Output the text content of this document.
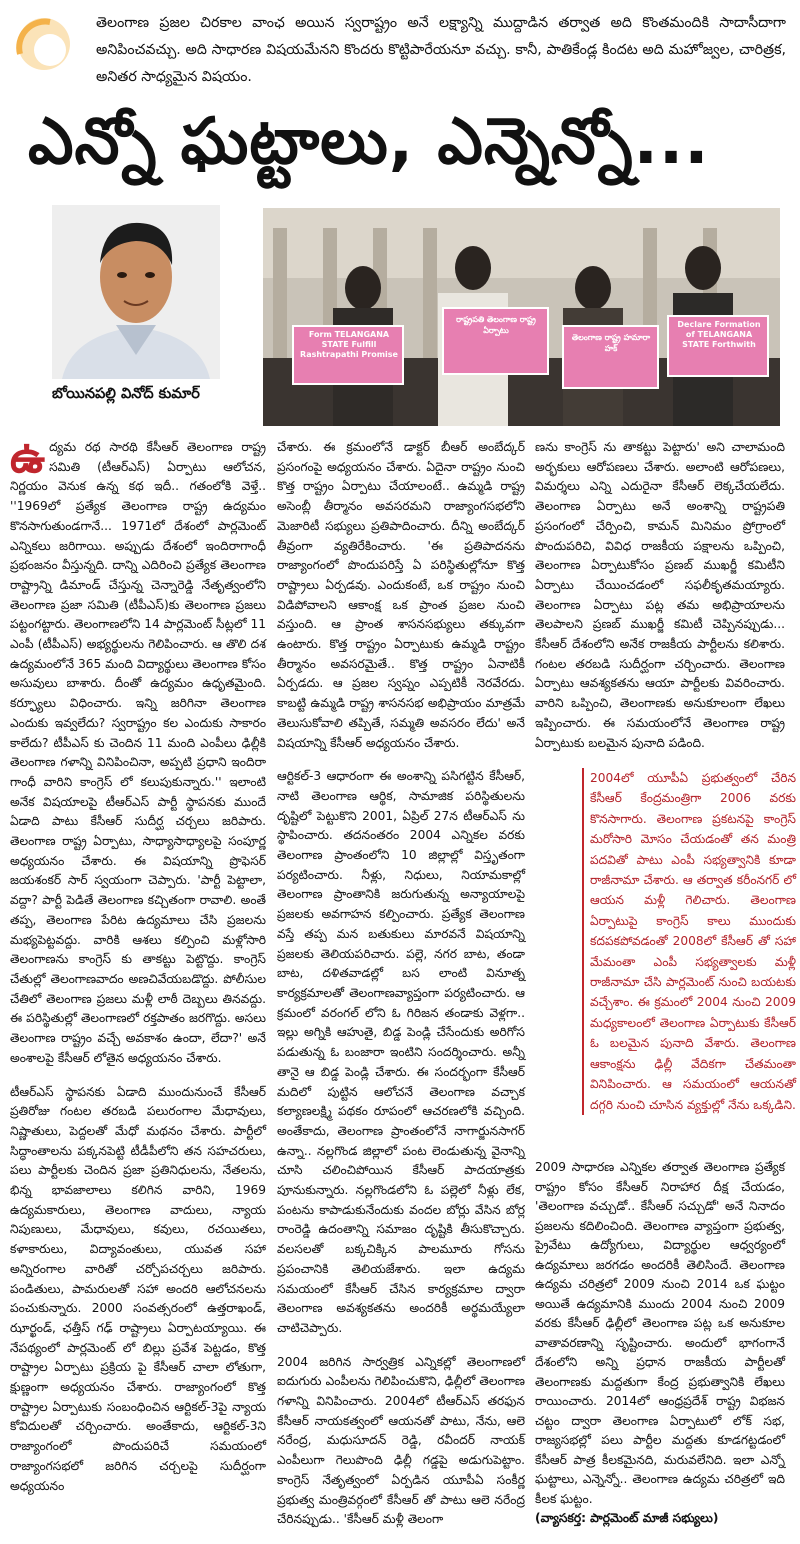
తెలంగాణ ప్రజల చిరకాల వాంఛ అయిన స్వరాష్ట్రం అనే లక్ష్యాన్ని ముద్దాడిన తర్వాత అది కొంతమందికి సాదాసీదాగా అనిపించవచ్చు. అది సాధారణ విషయమేనని కొందరు కొట్టిపారేయనూ వచ్చు. కానీ, పాతికేండ్ల కిందట అది మహోజ్వల, చారిత్రక, అనితర సాధ్యమైన విషయం.

ఎన్నో ఘట్టాలు, ఎన్నెన్నో...
బోయినపల్లి వినోద్ కుమార్
Form TELANGANA STATE Fulfill Rashtrapathi Promise
రాష్ట్రపతి తెలంగాణ రాష్ట్ర ఏర్పాటు
తెలంగాణ రాష్ట్ర హమారా హక్
Declare Formation of TELANGANA STATE Forthwith

ఉద్యమ రథ సారథి కేసీఆర్ తెలంగాణ రాష్ట్ర సమితి (టీఆర్ఎస్) ఏర్పాటు ఆలోచన, నిర్ణయం వెనుక ఉన్న కథ ఇదీ.. గతంలోకి వెళ్తే.. ''1969లో ప్రత్యేక తెలంగాణ రాష్ట్ర ఉద్యమం కొనసాగుతుండగానే... 1971లో దేశంలో పార్లమెంట్ ఎన్నికలు జరిగాయి. అప్పుడు దేశంలో ఇందిరాగాంధీ ప్రభంజనం వీస్తున్నది. దాన్ని ఎదిరించి ప్రత్యేక తెలంగాణ రాష్ట్రాన్ని డిమాండ్ చేస్తున్న చెన్నారెడ్డి నేతృత్వంలోని తెలంగాణ ప్రజా సమితి (టీపీఎస్)కు తెలంగాణ ప్రజలు పట్టంగట్టారు. తెలంగాణలోని 14 పార్లమెంట్ సీట్లలో 11 ఎంపీ (టీపీఎస్) అభ్యర్థులను గెలిపించారు. ఆ తొలి దశ ఉద్యమంలోనే 365 మంది విద్యార్థులు తెలంగాణ కోసం అసువులు బాశారు. దీంతో ఉద్యమం ఉధృతమైంది. కర్ఫ్యూలు విధించారు. ఇన్ని జరిగినా తెలంగాణ ఎందుకు ఇవ్వలేదు? స్వరాష్ట్రం కల ఎందుకు సాకారం కాలేదు? టీపీఎస్ కు చెందిన 11 మంది ఎంపీలు ఢిల్లీకి తెలంగాణ గళాన్ని వినిపించినా, అప్పటి ప్రధాని ఇందిరా గాంధీ వారిని కాంగ్రెస్ లో కలుపుకున్నారు.'' ఇలాంటి అనేక విషయాలపై టీఆర్ఎస్ పార్టీ స్థాపనకు ముందే ఏడాది పాటు కేసీఆర్ సుదీర్ఘ చర్చలు జరిపారు. తెలంగాణ రాష్ట్ర ఏర్పాటు, సాధ్యాసాధ్యాలపై సంపూర్ణ అధ్యయనం చేశారు. ఈ విషయాన్ని ప్రొఫెసర్ జయశంకర్ సార్ స్వయంగా చెప్పారు. 'పార్టీ పెట్టాలా, వద్దా? పార్టీ పెడితే తెలంగాణ కచ్చితంగా రావాలి. అంతే తప్ప, తెలంగాణ పేరిట ఉద్యమాలు చేసి ప్రజలను మభ్యపెట్టవద్దు. వారికి ఆశలు కల్పించి మళ్లోసారి తెలంగాణను కాంగ్రెస్ కు తాకట్టు పెట్టొద్దు. కాంగ్రెస్ చేతుల్లో తెలంగాణవాదం అణచివేయబడొద్దు. పోలీసుల చేతిలో తెలంగాణ ప్రజలు మళ్లీ లాఠీ దెబ్బలు తినవద్దు. ఈ పరిస్థితుల్లో తెలంగాణలో రక్తపాతం జరగొద్దు. అసలు తెలంగాణ రాష్ట్రం వచ్చే అవకాశం ఉందా, లేదా?' అనే అంశాలపై కేసీఆర్ లోతైన అధ్యయనం చేశారు.

టీఆర్ఎస్ స్థాపనకు ఏడాది ముందునుంచే కేసీఆర్ ప్రతిరోజు గంటల తరబడి పలురంగాల మేధావులు, నిష్ణాతులు, పెద్దలతో మేధో మథనం చేశారు. పార్టీలో సిద్ధాంతాలను పక్కనపెట్టి టీడీపీలోని తన సహచరులు, పలు పార్టీలకు చెందిన ప్రజా ప్రతినిధులను, నేతలను, భిన్న భావజాలాలు కలిగిన వారిని, 1969 ఉద్యమకారులు, తెలంగాణ వాదులు, న్యాయ నిపుణులు, మేధావులు, కవులు, రచయితలు, కళాకారులు, విద్యావంతులు, యువత సహా అన్నిరంగాల వారితో చర్చోపచర్చలు జరిపారు. పండితులు, పామరులతో సహా అందరి ఆలోచనలను పంచుకున్నారు. 2000 సంవత్సరంలో ఉత్తరాఖండ్, ఝార్ఖండ్, ఛత్తీస్ గఢ్ రాష్ట్రాలు ఏర్పాటయ్యాయి. ఈ నేపథ్యంలో పార్లమెంట్ లో బిల్లు ప్రవేశ పెట్టడం, కొత్త రాష్ట్రాల ఏర్పాటు ప్రక్రియ పై కేసీఆర్ చాలా లోతుగా, క్షుణ్ణంగా అధ్యయనం చేశారు. రాజ్యాంగంలో కొత్త రాష్ట్రాల ఏర్పాటుకు సంబంధించిన ఆర్టికల్-3పై న్యాయ కోవిదులతో చర్చించారు. అంతేకాదు, ఆర్టికల్-3ని రాజ్యాంగంలో పొందుపరిచే సమయంలో రాజ్యాంగసభలో జరిగిన చర్చలపై సుదీర్ఘంగా అధ్యయనం

చేశారు. ఈ క్రమంలోనే డాక్టర్ బీఆర్ అంబేద్కర్ ప్రసంగంపై అధ్యయనం చేశారు. ఏదైనా రాష్ట్రం నుంచి కొత్త రాష్ట్రం ఏర్పాటు చేయాలంటే.. ఉమ్మడి రాష్ట్ర అసెంబ్లీ తీర్మానం అవసరమని రాజ్యాంగసభలోని మెజారిటీ సభ్యులు ప్రతిపాదించారు. దీన్ని అంబేద్కర్ తీవ్రంగా వ్యతిరేకించారు. 'ఈ ప్రతిపాదనను రాజ్యాంగంలో పొందుపరిస్తే ఏ పరిస్థితుల్లోనూ కొత్త రాష్ట్రాలు ఏర్పడవు. ఎందుకంటే, ఒక రాష్ట్రం నుంచి విడిపోవాలని ఆకాంక్ష ఒక ప్రాంత ప్రజల నుంచి వస్తుంది. ఆ ప్రాంత శాసనసభ్యులు తక్కువగా ఉంటారు. కొత్త రాష్ట్రం ఏర్పాటుకు ఉమ్మడి రాష్ట్రం తీర్మానం అవసరమైతే.. కొత్త రాష్ట్రం ఏనాటికీ ఏర్పడదు. ఆ ప్రజల స్వప్నం ఎప్పటికీ నెరవేరదు. కాబట్టి ఉమ్మడి రాష్ట్ర శాసనసభ అభిప్రాయం మాత్రమే తెలుసుకోవాలి తప్పితే, సమ్మతి అవసరం లేదు' అనే విషయాన్ని కేసీఆర్ అధ్యయనం చేశారు.

ఆర్టికల్-3 ఆధారంగా ఈ అంశాన్ని పసిగట్టిన కేసీఆర్, నాటి తెలంగాణ ఆర్థిక, సామాజిక పరిస్థితులను దృష్టిలో పెట్టుకొని 2001, ఏప్రిల్ 27న టీఆర్ఎస్ ను స్థాపించారు. తదనంతరం 2004 ఎన్నికల వరకు తెలంగాణ ప్రాంతంలోని 10 జిల్లాల్లో విస్తృతంగా పర్యటించారు. నీళ్లు, నిధులు, నియామకాల్లో తెలంగాణ ప్రాంతానికి జరుగుతున్న అన్యాయాలపై ప్రజలకు అవగాహన కల్పించారు. ప్రత్యేక తెలంగాణ వస్తే తప్ప మన బతుకులు మారవనే విషయాన్ని ప్రజలకు తెలియపరిచారు. పల్లె, నగర బాట, తండా బాట, దళితవాడల్లో బస లాంటి వినూత్న కార్యక్రమాలతో తెలంగాణవ్యాప్తంగా పర్యటించారు. ఆ క్రమంలో వరంగల్ లోని ఓ గిరిజన తండాకు వెళ్లగా.. ఇల్లు అగ్నికి ఆహుతై, బిడ్డ పెండ్లి చేసేందుకు అరిగోస పడుతున్న ఓ బంజారా ఇంటిని సందర్శించారు. అన్నీ తానై ఆ బిడ్డ పెండ్లి చేశారు. ఈ సందర్భంగా కేసీఆర్ మదిలో పుట్టిన ఆలోచనే తెలంగాణ వచ్చాక కల్యాణలక్ష్మి పథకం రూపంలో ఆచరణలోకి వచ్చింది. అంతేకాదు, తెలంగాణ ప్రాంతంలోనే నాగార్జునసాగర్ ఉన్నా.. నల్లగొండ జిల్లాలో పంట లెండుతున్న వైనాన్ని చూసి చలించిపోయిన కేసీఆర్ పాదయాత్రకు పూనుకున్నారు. నల్లగొండలోని ఓ పల్లెలో నీళ్లు లేక, పంటను కాపాడుకునేందుకు వందల బోర్లు వేసిన బోర్ల రాంరెడ్డి ఉదంతాన్ని సమాజం దృష్టికి తీసుకొచ్చారు. వలసలతో బక్కచిక్కిన పాలమూరు గోసను ప్రపంచానికి తెలియజేశారు. ఇలా ఉద్యమ సమయంలో కేసీఆర్ చేసిన కార్యక్రమాల ద్వారా తెలంగాణ అవశ్యకతను అందరికీ అర్థమయ్యేలా చాటిచెప్పారు.

2004 జరిగిన సార్వత్రిక ఎన్నికల్లో తెలంగాణలో ఐదుగురు ఎంపీలను గెలిపించుకొని, ఢిల్లీలో తెలంగాణ గళాన్ని వినిపించారు. 2004లో టీఆర్ఎస్ తరఫున కేసీఆర్ నాయకత్వంలో ఆయనతో పాటు, నేను, ఆలె నరేంద్ర, మధుసూదన్ రెడ్డి, రవీందర్ నాయక్ ఎంపీలుగా గెలుపొంది ఢిల్లీ గడ్డపై అడుగుపెట్టాం. కాంగ్రెస్ నేతృత్వంలో ఏర్పడిన యూపీఏ సంకీర్ణ ప్రభుత్వ మంత్రివర్గంలో కేసీఆర్ తో పాటు ఆలె నరేంద్ర చేరినప్పుడు.. 'కేసీఆర్ మళ్లీ తెలంగా

ణను కాంగ్రెస్ ను తాకట్టు పెట్టారు' అని చాలామంది అర్భకులు ఆరోపణలు చేశారు. అలాంటి ఆరోపణలు, విమర్శలు ఎన్ని ఎదురైనా కేసీఆర్ లెక్కచేయలేదు. తెలంగాణ ఏర్పాటు అనే అంశాన్ని రాష్ట్రపతి ప్రసంగంలో చేర్పించి, కామన్ మినిమం ప్రోగ్రాంలో పొందుపరిచి, వివిధ రాజకీయ పక్షాలను ఒప్పించి, తెలంగాణ ఏర్పాటుకోసం ప్రణబ్ ముఖర్జీ కమిటీని ఏర్పాటు చేయించడంలో సఫలీకృతమయ్యారు. తెలంగాణ ఏర్పాటు పట్ల తమ అభిప్రాయాలను తెలపాలని ప్రణబ్ ముఖర్జీ కమిటీ చెప్పినప్పుడు... కేసీఆర్ దేశంలోని అనేక రాజకీయ పార్టీలను కలిశారు. గంటల తరబడి సుదీర్ఘంగా చర్చించారు. తెలంగాణ ఏర్పాటు ఆవశ్యకతను ఆయా పార్టీలకు వివరించారు. వారిని ఒప్పించి, తెలంగాణకు అనుకూలంగా లేఖలు ఇప్పించారు. ఈ సమయంలోనే తెలంగాణ రాష్ట్ర ఏర్పాటుకు బలమైన పునాది పడింది.

2004లో యూపీఏ ప్రభుత్వంలో చేరిన కేసీఆర్ కేంద్రమంత్రిగా 2006 వరకు కొనసాగారు. తెలంగాణ ప్రకటనపై కాంగ్రెస్ మరోసారి మోసం చేయడంతో తన మంత్రి పదవితో పాటు ఎంపీ సభ్యత్వానికి కూడా రాజీనామా చేశారు. ఆ తర్వాత కరీంనగర్ లో ఆయన మళ్లీ గెలిచారు. తెలంగాణ ఏర్పాటుపై కాంగ్రెస్ కాలు ముందుకు కదపకపోవడంతో 2008లో కేసీఆర్ తో సహా మేమంతా ఎంపీ సభ్యత్వాలకు మళ్లీ రాజీనామా చేసి పార్లమెంట్ నుంచి బయటకు వచ్చేశాం. ఈ క్రమంలో 2004 నుంచి 2009 మధ్యకాలంలో తెలంగాణ ఏర్పాటుకు కేసీఆర్ ఓ బలమైన పునాది వేశారు. తెలంగాణ ఆకాంక్షను ఢిల్లీ వేదికగా చేతమంతా వినిపించారు. ఆ సమయంలో ఆయనతో దగ్గరి నుంచి చూసిన వ్యక్తుల్లో నేను ఒక్కడిని.

2009 సాధారణ ఎన్నికల తర్వాత తెలంగాణ ప్రత్యేక రాష్ట్రం కోసం కేసీఆర్ నిరాహార దీక్ష చేయడం, 'తెలంగాణ వచ్చుడో.. కేసీఆర్ సచ్చుడో' అనే నినాదం ప్రజలను కదిలించింది. తెలంగాణ వ్యాప్తంగా ప్రభుత్వ, ప్రైవేటు ఉద్యోగులు, విద్యార్థుల ఆధ్వర్యంలో ఉద్యమాలు జరగడం అందరికీ తెలిసిందే. తెలంగాణ ఉద్యమ చరిత్రలో 2009 నుంచి 2014 ఒక ఘట్టం అయితే ఉద్యమానికి ముందు 2004 నుంచి 2009 వరకు కేసీఆర్ ఢిల్లీలో తెలంగాణ పట్ల ఒక అనుకూల వాతావరణాన్ని సృష్టించారు. అందులో భాగంగానే దేశంలోని అన్ని ప్రధాన రాజకీయ పార్టీలతో తెలంగాణకు మద్దతుగా కేంద్ర ప్రభుత్వానికి లేఖలు రాయించారు. 2014లో ఆంధ్రప్రదేశ్ రాష్ట్ర విభజన చట్టం ద్వారా తెలంగాణ ఏర్పాటులో లోక్ సభ, రాజ్యసభల్లో పలు పార్టీల మద్దతు కూడగట్టడంలో కేసీఆర్ పాత్ర కీలకమైనది, మరువలేనిది. ఇలా ఎన్నో ఘట్టాలు, ఎన్నెన్నో.. తెలంగాణ ఉద్యమ చరిత్రలో ఇది కీలక ఘట్టం.

(వ్యాసకర్త: పార్లమెంట్ మాజీ సభ్యులు)
